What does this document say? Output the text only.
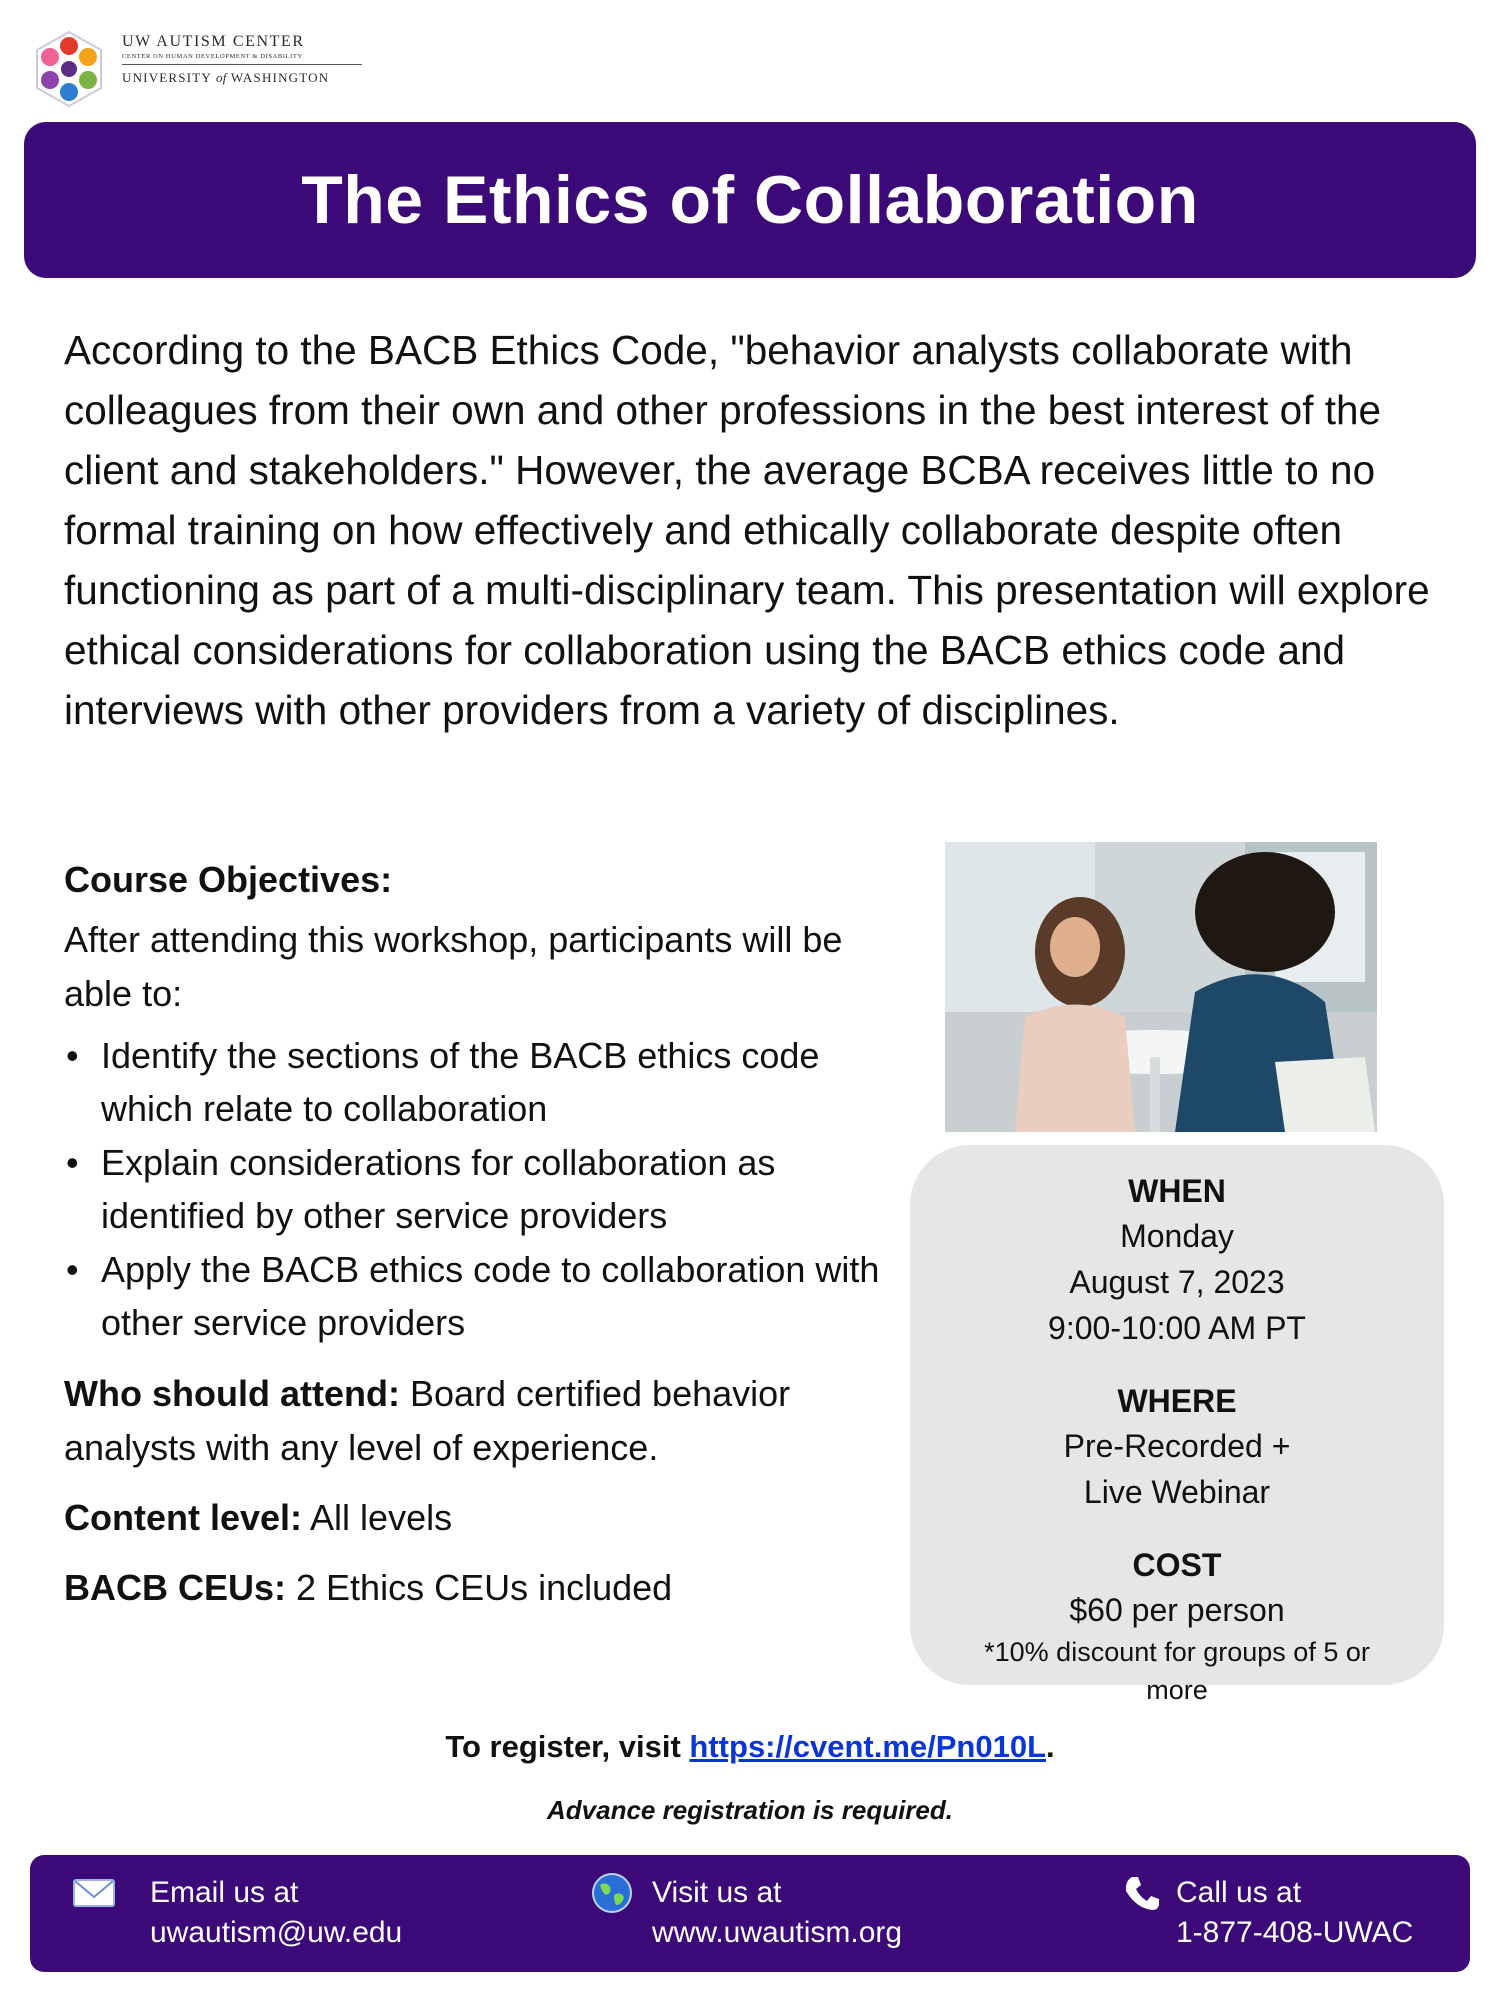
UW AUTISM CENTER
CENTER ON HUMAN DEVELOPMENT & DISABILITY
UNIVERSITY of WASHINGTON
The Ethics of Collaboration
According to the BACB Ethics Code, "behavior analysts collaborate with colleagues from their own and other professions in the best interest of the client and stakeholders." However, the average BCBA receives little to no formal training on how effectively and ethically collaborate despite often functioning as part of a multi-disciplinary team. This presentation will explore ethical considerations for collaboration using the BACB ethics code and interviews with other providers from a variety of disciplines.
Course Objectives:

After attending this workshop, participants will be able to:

• Identify the sections of the BACB ethics code which relate to collaboration
• Explain considerations for collaboration as identified by other service providers
• Apply the BACB ethics code to collaboration with other service providers
Who should attend: Board certified behavior analysts with any level of experience.
Content level: All levels
BACB CEUs: 2 Ethics CEUs included
WHEN
Monday
August 7, 2023
9:00-10:00 AM PT
WHERE
Pre-Recorded +
Live Webinar
COST
$60 per person
*10% discount for groups of 5 or more
To register, visit https://cvent.me/Pn010L.
Advance registration is required.
Email us at
uwautism@uw.edu
Visit us at
www.uwautism.org
Call us at
1-877-408-UWAC
